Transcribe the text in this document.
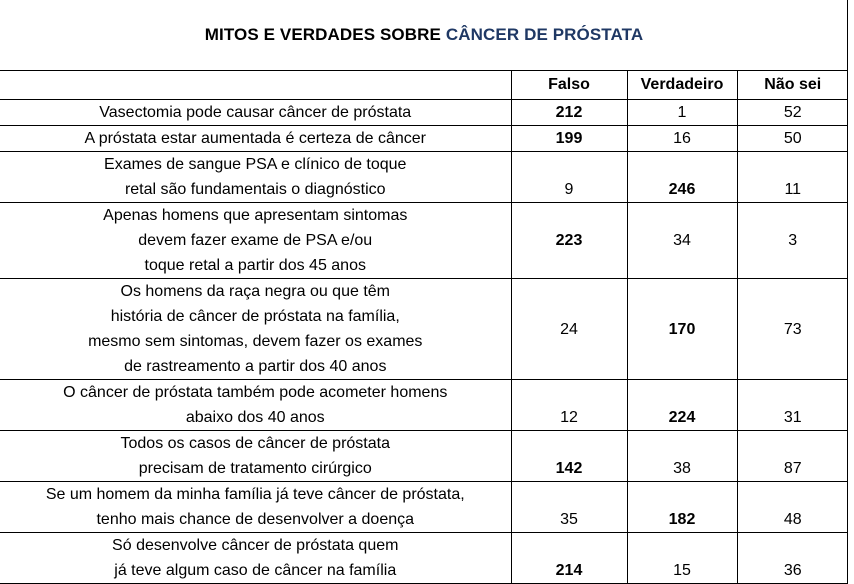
MITOS E VERDADES SOBRE CÂNCER DE PRÓSTATA
	Falso	Verdadeiro	Não sei

Vasectomia pode causar câncer de próstata	212	1	52

A próstata estar aumentada é certeza de câncer	199	16	50

Exames de sangue PSA e clínico de toque
retal são fundamentais o diagnóstico	9	246	11

Apenas homens que apresentam sintomas
devem fazer exame de PSA e/ou
toque retal a partir dos 45 anos	223	34	3

Os homens da raça negra ou que têm
história de câncer de próstata na família,
mesmo sem sintomas, devem fazer os exames
de rastreamento a partir dos 40 anos	24	170	73

O câncer de próstata também pode acometer homens
abaixo dos 40 anos	12	224	31

Todos os casos de câncer de próstata
precisam de tratamento cirúrgico	142	38	87

Se um homem da minha família já teve câncer de próstata,
tenho mais chance de desenvolver a doença	35	182	48

Só desenvolve câncer de próstata quem
já teve algum caso de câncer na família	214	15	36
